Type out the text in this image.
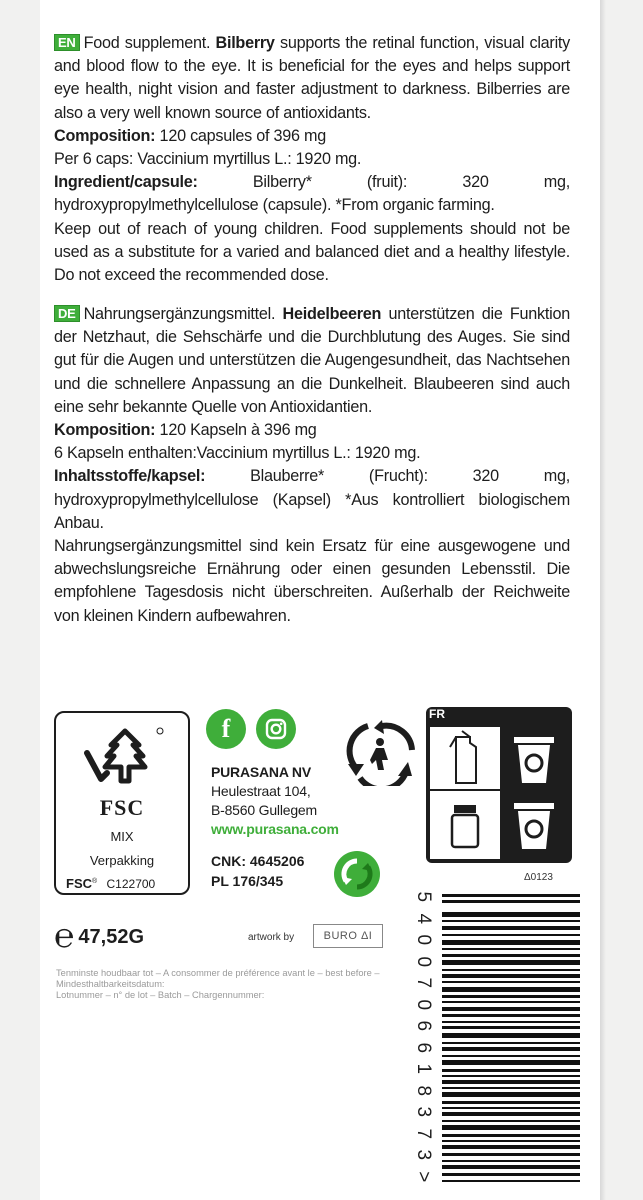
EN Food supplement. Bilberry supports the retinal function, visual clarity and blood flow to the eye. It is beneficial for the eyes and helps support eye health, night vision and faster adjustment to darkness. Bilberries are also a very well known source of antioxidants.

Composition: 120 capsules of 396 mg

Per 6 caps: Vaccinium myrtillus L.: 1920 mg.

Ingredient/capsule: Bilberry* (fruit): 320 mg, hydroxypropylmethylcellulose (capsule). *From organic farming.

Keep out of reach of young children. Food supplements should not be used as a substitute for a varied and balanced diet and a healthy lifestyle. Do not exceed the recommended dose.

DE Nahrungsergänzungsmittel. Heidelbeeren unterstützen die Funktion der Netzhaut, die Sehschärfe und die Durchblutung des Auges. Sie sind gut für die Augen und unterstützen die Augengesundheit, das Nachtsehen und die schnellere Anpassung an die Dunkelheit. Blaubeeren sind auch eine sehr bekannte Quelle von Antioxidantien.

Komposition: 120 Kapseln à 396 mg

6 Kapseln enthalten:Vaccinium myrtillus L.: 1920 mg.

Inhaltsstoffe/kapsel: Blauberre* (Frucht): 320 mg, hydroxypropylmethylcellulose (Kapsel) *Aus kontrolliert biologischem Anbau.

Nahrungsergänzungsmittel sind kein Ersatz für eine ausgewogene und abwechslungsreiche Ernährung oder einen gesunden Lebensstil. Die empfohlene Tagesdosis nicht überschreiten. Außerhalb der Reichweite von kleinen Kindern aufbewahren.

FSC
MIX
Verpakking
FSC® C122700
f
PURASANA NV
Heulestraat 104,
B-8560 Gullegem
www.purasana.com
CNK: 4645206
PL 176/345
FR
Δ0123
℮ 47,52G	artwork by	BURO ΔI
Tenminste houdbaar tot – A consommer de préférence avant le – best before – Mindesthaltbarkeitsdatum:
Lotnummer – n° de lot – Batch – Chargennummer:
5
4
0
0
7
0
6
6
1
8
3
7
3
>
